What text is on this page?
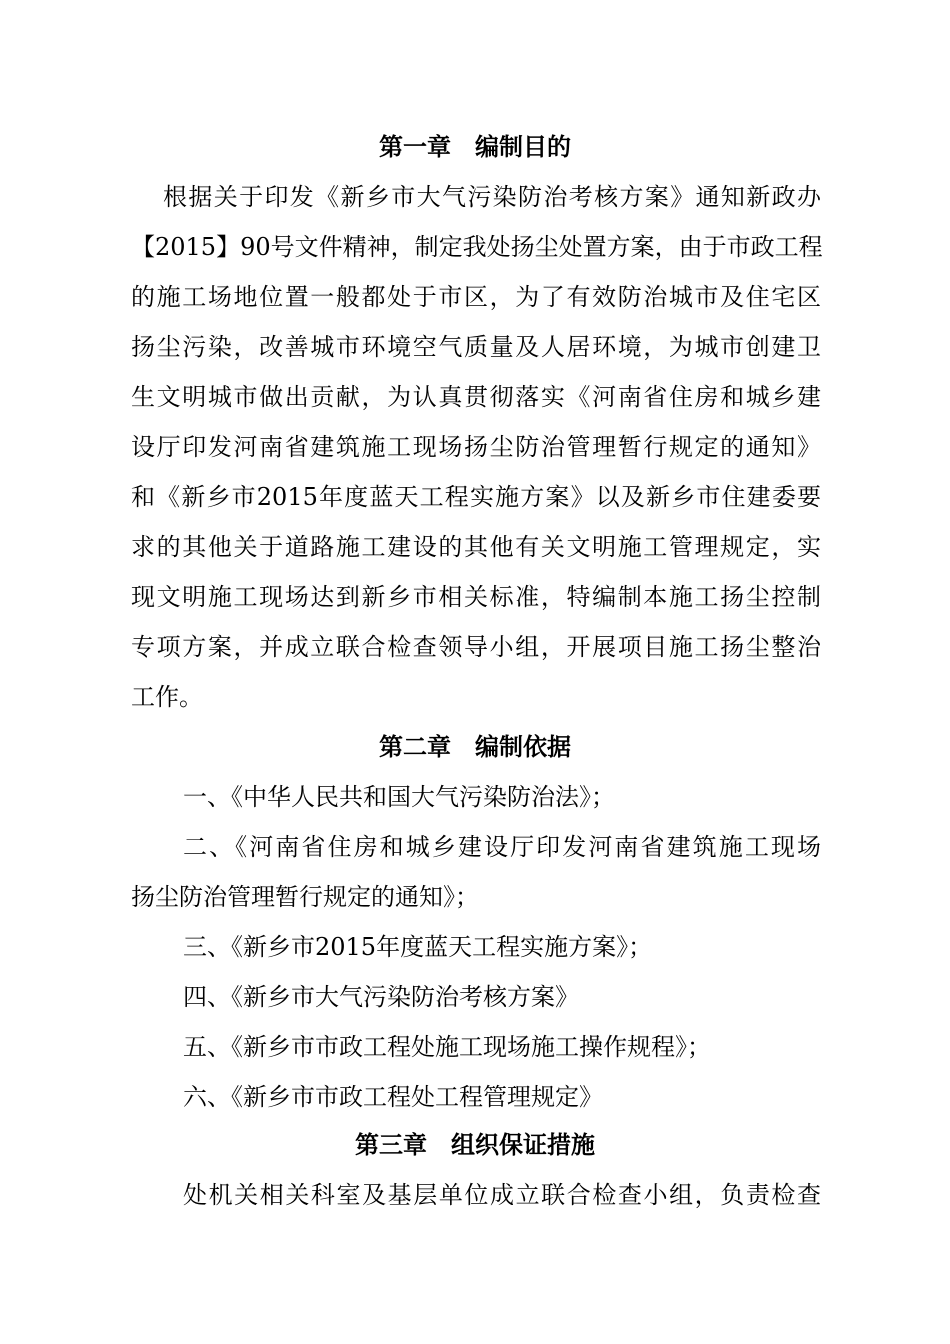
第一章　编制目的
根据关于印发《新乡市大气污染防治考核方案》通知新政办
【2015】90号文件精神，制定我处扬尘处置方案，由于市政工程
的施工场地位置一般都处于市区，为了有效防治城市及住宅区
扬尘污染，改善城市环境空气质量及人居环境，为城市创建卫
生文明城市做出贡献，为认真贯彻落实《河南省住房和城乡建
设厅印发河南省建筑施工现场扬尘防治管理暂行规定的通知》
和《新乡市2015年度蓝天工程实施方案》以及新乡市住建委要
求的其他关于道路施工建设的其他有关文明施工管理规定，实
现文明施工现场达到新乡市相关标准，特编制本施工扬尘控制
专项方案，并成立联合检查领导小组，开展项目施工扬尘整治
工作。
第二章　编制依据
一、《中华人民共和国大气污染防治法》；
二、《河南省住房和城乡建设厅印发河南省建筑施工现场
扬尘防治管理暂行规定的通知》；
三、《新乡市2015年度蓝天工程实施方案》；
四、《新乡市大气污染防治考核方案》
五、《新乡市市政工程处施工现场施工操作规程》；
六、《新乡市市政工程处工程管理规定》
第三章　组织保证措施
处机关相关科室及基层单位成立联合检查小组，负责检查
